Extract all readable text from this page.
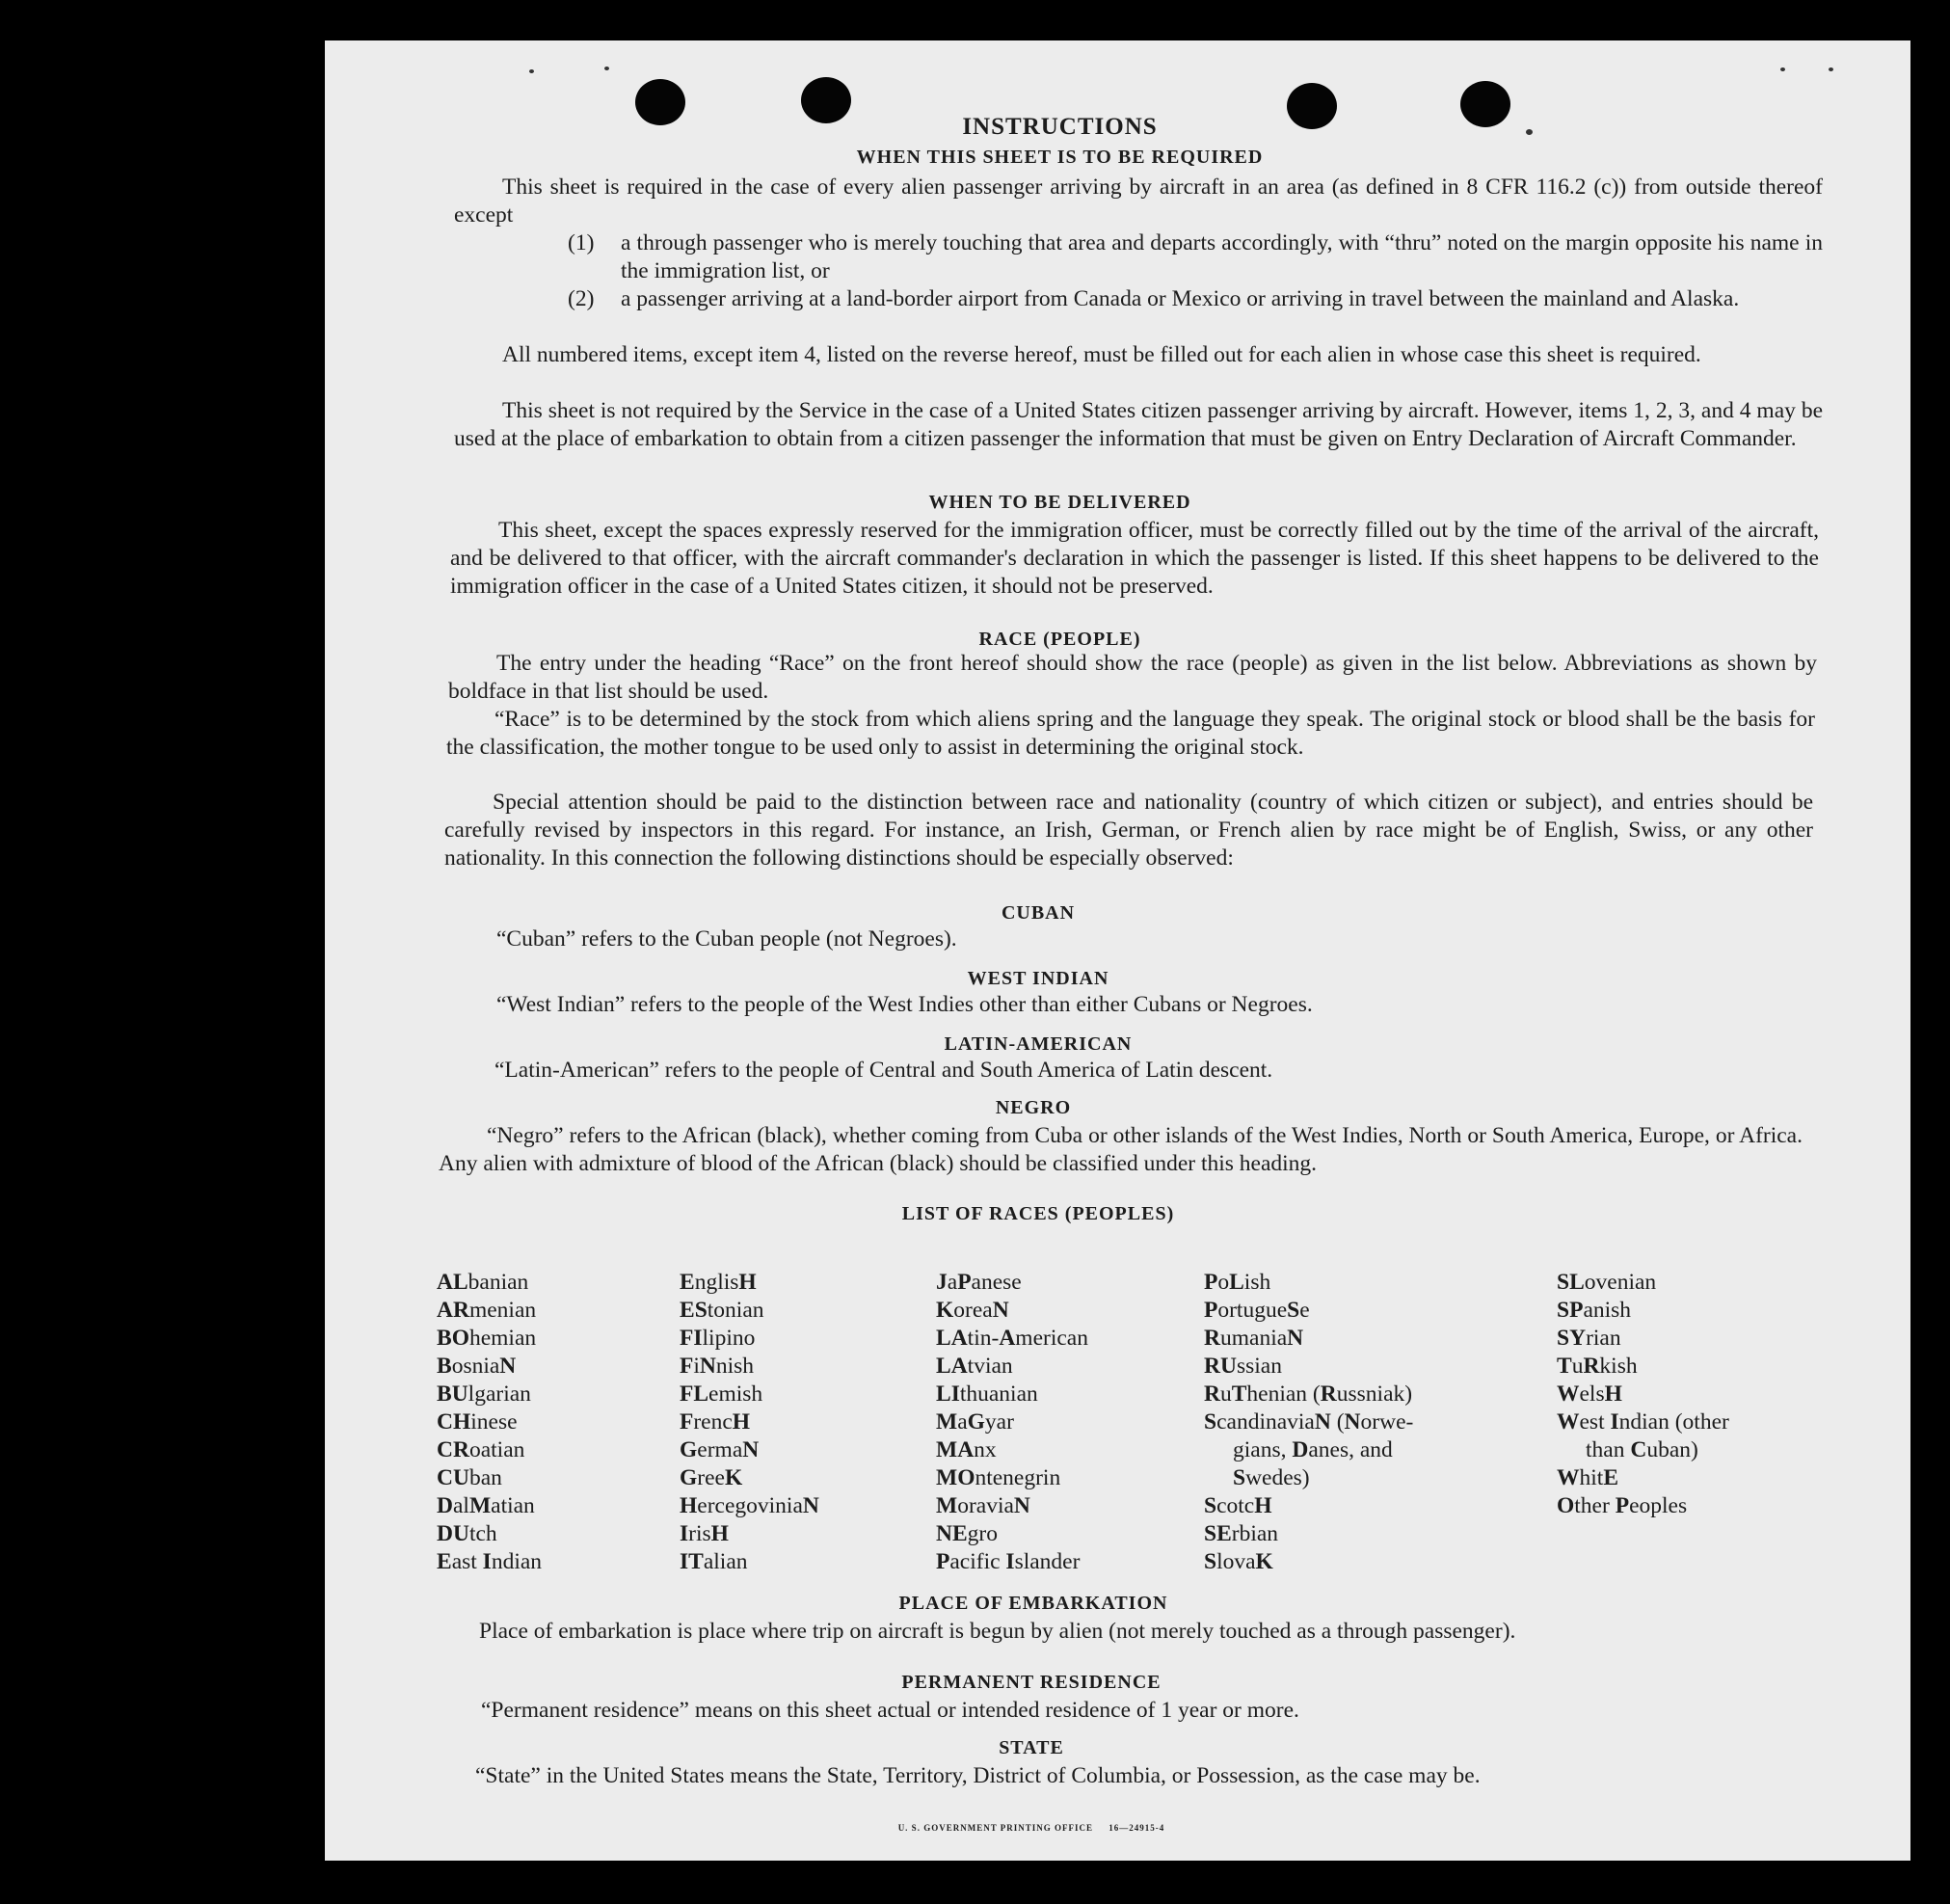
INSTRUCTIONS
WHEN THIS SHEET IS TO BE REQUIRED
This sheet is required in the case of every alien passenger arriving by aircraft in an area (as defined in 8 CFR 116.2 (c)) from outside thereof except
(1)	a through passenger who is merely touching that area and departs accordingly, with “thru” noted on the margin opposite his name in the immigration list, or
(2)	a passenger arriving at a land-border airport from Canada or Mexico or arriving in travel between the mainland and Alaska.
All numbered items, except item 4, listed on the reverse hereof, must be filled out for each alien in whose case this sheet is required.
This sheet is not required by the Service in the case of a United States citizen passenger arriving by aircraft. However, items 1, 2, 3, and 4 may be used at the place of embarkation to obtain from a citizen passenger the information that must be given on Entry Declaration of Aircraft Commander.
WHEN TO BE DELIVERED
This sheet, except the spaces expressly reserved for the immigration officer, must be correctly filled out by the time of the arrival of the aircraft, and be delivered to that officer, with the aircraft commander's declaration in which the passenger is listed. If this sheet happens to be delivered to the immigration officer in the case of a United States citizen, it should not be preserved.
RACE (PEOPLE)
The entry under the heading “Race” on the front hereof should show the race (people) as given in the list below. Abbreviations as shown by boldface in that list should be used.
“Race” is to be determined by the stock from which aliens spring and the language they speak. The original stock or blood shall be the basis for the classification, the mother tongue to be used only to assist in determining the original stock.
Special attention should be paid to the distinction between race and nationality (country of which citizen or subject), and entries should be carefully revised by inspectors in this regard. For instance, an Irish, German, or French alien by race might be of English, Swiss, or any other nationality. In this connection the following distinctions should be especially observed:
CUBAN
“Cuban” refers to the Cuban people (not Negroes).
WEST INDIAN
“West Indian” refers to the people of the West Indies other than either Cubans or Negroes.
LATIN-AMERICAN
“Latin-American” refers to the people of Central and South America of Latin descent.
NEGRO
“Negro” refers to the African (black), whether coming from Cuba or other islands of the West Indies, North or South America, Europe, or Africa. Any alien with admixture of blood of the African (black) should be classified under this heading.
LIST OF RACES (PEOPLES)
ALbanian
ARmenian
BOhemian
BosniaN
BUlgarian
CHinese
CRoatian
CUban
DalMatian
DUtch
East Indian
EnglisH
EStonian
FIlipino
FiNnish
FLemish
FrencH
GermaN
GreeK
HercegoviniaN
IrisH
ITalian
JaPanese
KoreaN
LAtin-American
LAtvian
LIthuanian
MaGyar
MAnx
MOntenegrin
MoraviaN
NEgro
Pacific Islander
PoLish
PortugueSe
RumaniaN
RUssian
RuThenian (Russniak)
ScandinaviaN (Norwe-
gians, Danes, and
Swedes)
ScotcH
SErbian
SlovaK
SLovenian
SPanish
SYrian
TuRkish
WelsH
West Indian (other
than Cuban)
WhitE
Other Peoples
PLACE OF EMBARKATION
Place of embarkation is place where trip on aircraft is begun by alien (not merely touched as a through passenger).
PERMANENT RESIDENCE
“Permanent residence” means on this sheet actual or intended residence of 1 year or more.
STATE
“State” in the United States means the State, Territory, District of Columbia, or Possession, as the case may be.
U. S. GOVERNMENT PRINTING OFFICE     16—24915-4
